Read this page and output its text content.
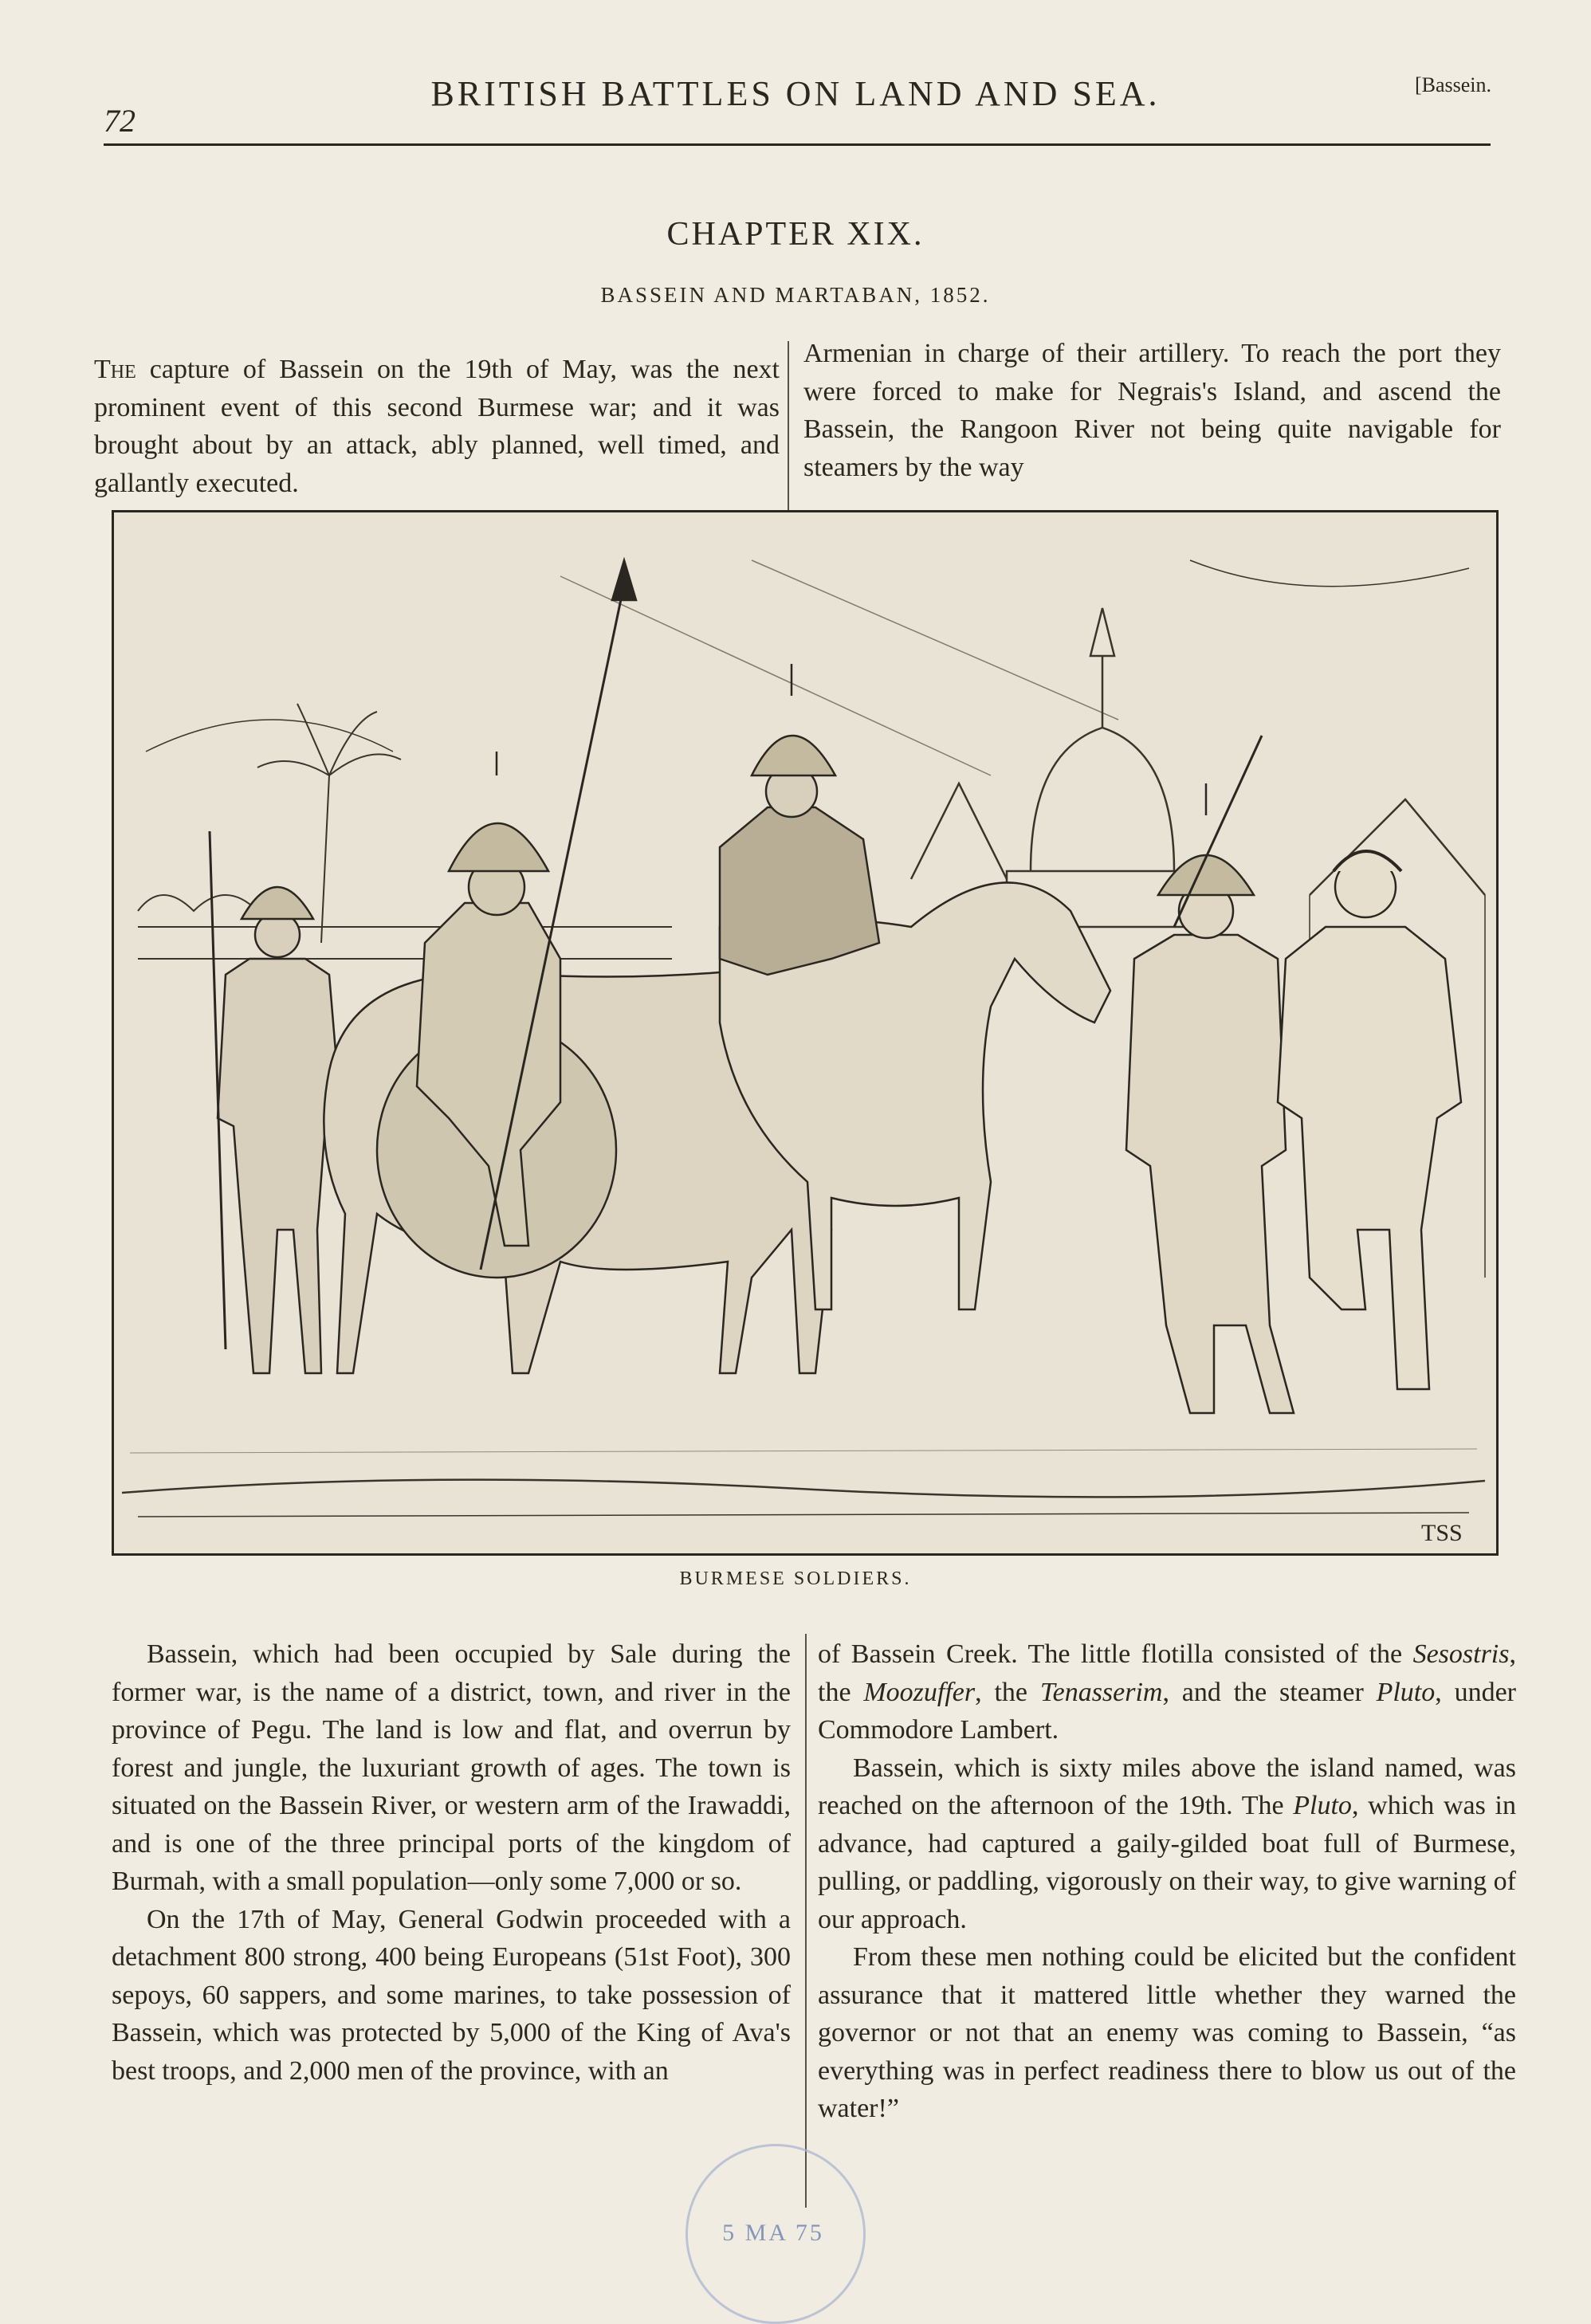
72
BRITISH BATTLES ON LAND AND SEA.	[Bassein.
CHAPTER XIX.
BASSEIN AND MARTABAN, 1852.

The capture of Bassein on the 19th of May, was the next prominent event of this second Burmese war; and it was brought about by an attack, ably planned, well timed, and gallantly executed.

Armenian in charge of their artillery. To reach the port they were forced to make for Negrais's Island, and ascend the Bassein, the Rangoon River not being quite navigable for steamers by the way

TSS
BURMESE SOLDIERS.

Bassein, which had been occupied by Sale during the former war, is the name of a district, town, and river in the province of Pegu. The land is low and flat, and overrun by forest and jungle, the luxuriant growth of ages. The town is situated on the Bassein River, or western arm of the Irawaddi, and is one of the three principal ports of the kingdom of Burmah, with a small population—only some 7,000 or so.

On the 17th of May, General Godwin proceeded with a detachment 800 strong, 400 being Europeans (51st Foot), 300 sepoys, 60 sappers, and some marines, to take possession of Bassein, which was protected by 5,000 of the King of Ava's best troops, and 2,000 men of the province, with an

of Bassein Creek. The little flotilla consisted of the Sesostris, the Moozuffer, the Tenasserim, and the steamer Pluto, under Commodore Lambert.

Bassein, which is sixty miles above the island named, was reached on the afternoon of the 19th. The Pluto, which was in advance, had captured a gaily-gilded boat full of Burmese, pulling, or paddling, vigorously on their way, to give warning of our approach.

From these men nothing could be elicited but the confident assurance that it mattered little whether they warned the governor or not that an enemy was coming to Bassein, “as everything was in perfect readiness there to blow us out of the water!”

5 MA 75
